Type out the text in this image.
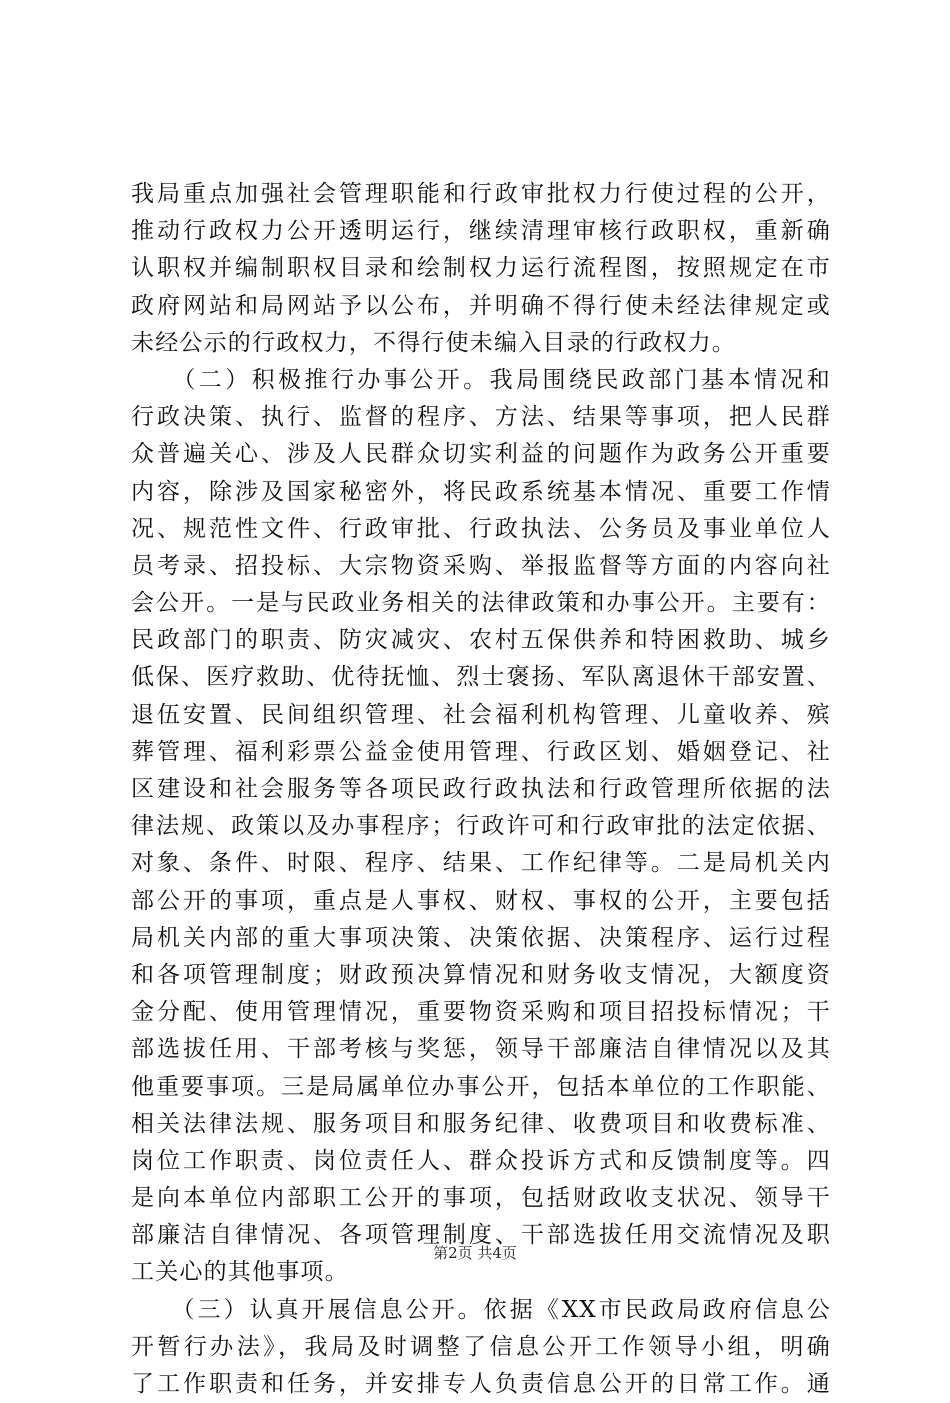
我局重点加强社会管理职能和行政审批权力行使过程的公开，
推动行政权力公开透明运行，继续清理审核行政职权，重新确
认职权并编制职权目录和绘制权力运行流程图，按照规定在市
政府网站和局网站予以公布，并明确不得行使未经法律规定或
未经公示的行政权力，不得行使未编入目录的行政权力。
　　（二）积极推行办事公开。我局围绕民政部门基本情况和
行政决策、执行、监督的程序、方法、结果等事项，把人民群
众普遍关心、涉及人民群众切实利益的问题作为政务公开重要
内容，除涉及国家秘密外，将民政系统基本情况、重要工作情
况、规范性文件、行政审批、行政执法、公务员及事业单位人
员考录、招投标、大宗物资采购、举报监督等方面的内容向社
会公开。一是与民政业务相关的法律政策和办事公开。主要有：
民政部门的职责、防灾减灾、农村五保供养和特困救助、城乡
低保、医疗救助、优待抚恤、烈士褒扬、军队离退休干部安置、
退伍安置、民间组织管理、社会福利机构管理、儿童收养、殡
葬管理、福利彩票公益金使用管理、行政区划、婚姻登记、社
区建设和社会服务等各项民政行政执法和行政管理所依据的法
律法规、政策以及办事程序；行政许可和行政审批的法定依据、
对象、条件、时限、程序、结果、工作纪律等。二是局机关内
部公开的事项，重点是人事权、财权、事权的公开，主要包括
局机关内部的重大事项决策、决策依据、决策程序、运行过程
和各项管理制度；财政预决算情况和财务收支情况，大额度资
金分配、使用管理情况，重要物资采购和项目招投标情况；干
部选拔任用、干部考核与奖惩，领导干部廉洁自律情况以及其
他重要事项。三是局属单位办事公开，包括本单位的工作职能、
相关法律法规、服务项目和服务纪律、收费项目和收费标准、
岗位工作职责、岗位责任人、群众投诉方式和反馈制度等。四
是向本单位内部职工公开的事项，包括财政收支状况、领导干
部廉洁自律情况、各项管理制度、干部选拔任用交流情况及职
工关心的其他事项。
　　（三）认真开展信息公开。依据《XX市民政局政府信息公
开暂行办法》，我局及时调整了信息公开工作领导小组，明确
了工作职责和任务，并安排专人负责信息公开的日常工作。通
第2页 共4页
